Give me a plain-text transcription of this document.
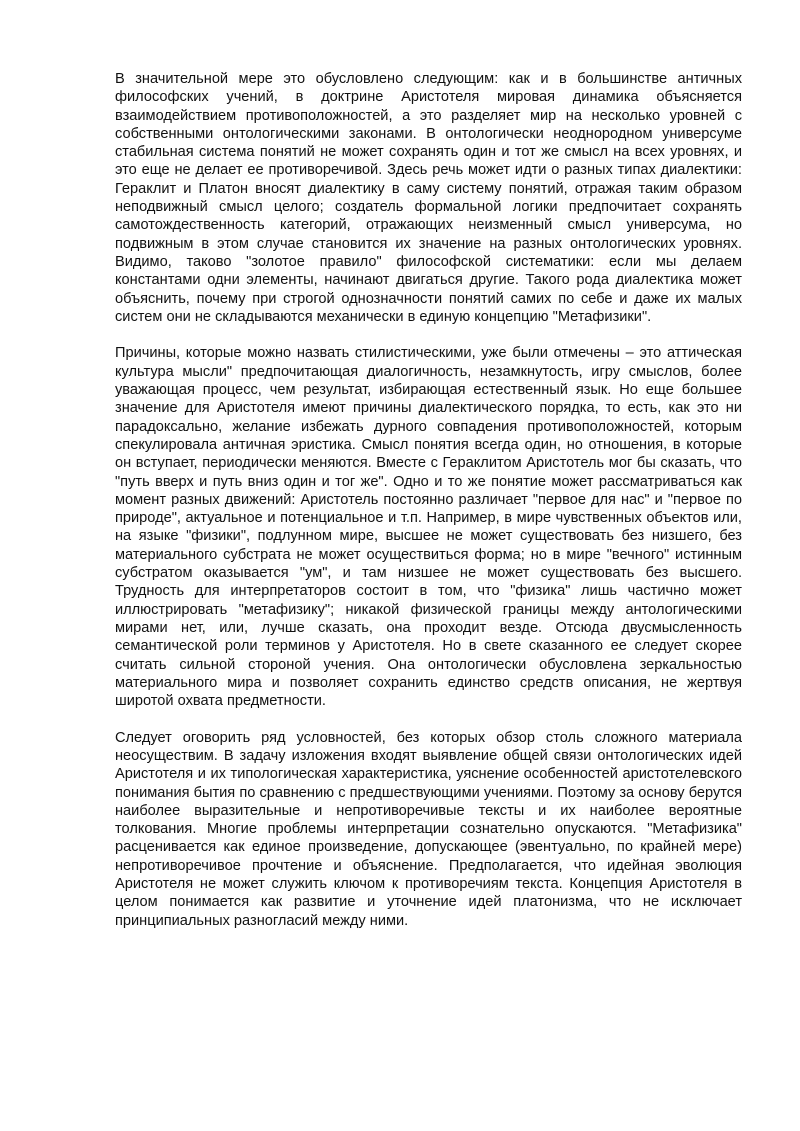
В значительной мере это обусловлено следующим: как и в большинстве античных философских учений, в доктрине Аристотеля мировая динамика объясняется взаимодействием противоположностей, а это разделяет мир на несколько уровней с собственными онтологическими законами. В онтологически неоднородном универсуме стабильная система понятий не может сохранять один и тот же смысл на всех уровнях, и это еще не делает ее противоречивой. Здесь речь может идти о разных типах диалектики: Гераклит и Платон вносят диалектику в саму систему понятий, отражая таким образом неподвижный смысл целого; создатель формальной логики предпочитает сохранять самотождественность категорий, отражающих неизменный смысл универсума, но подвижным в этом случае становится их значение на разных онтологических уровнях. Видимо, таково "золотое правило" философской систематики: если мы делаем константами одни элементы, начинают двигаться другие. Такого рода диалектика может объяснить, почему при строгой однозначности понятий самих по себе и даже их малых систем они не складываются механически в единую концепцию "Метафизики".

Причины, которые можно назвать стилистическими, уже были отмечены – это аттическая культура мысли" предпочитающая диалогичность, незамкнутость, игру смыслов, более уважающая процесс, чем результат, избирающая естественный язык. Но еще большее значение для Аристотеля имеют причины диалектического порядка, то есть, как это ни парадоксально, желание избежать дурного совпадения противоположностей, которым спекулировала античная эристика. Смысл понятия всегда один, но отношения, в которые он вступает, периодически меняются. Вместе с Гераклитом Аристотель мог бы сказать, что "путь вверх и путь вниз один и тог же". Одно и то же понятие может рассматриваться как момент разных движений: Аристотель постоянно различает "первое для нас" и "первое по природе", актуальное и потенциальное и т.п. Например, в мире чувственных объектов или, на языке "физики", подлунном мире, высшее не может существовать без низшего, без материального субстрата не может осуществиться форма; но в мире "вечного" истинным субстратом оказывается "ум", и там низшее не может существовать без высшего. Трудность для интерпретаторов состоит в том, что "физика" лишь частично может иллюстрировать "метафизику"; никакой физической границы между антологическими мирами нет, или, лучше сказать, она проходит везде. Отсюда двусмысленность семантической роли терминов у Аристотеля. Но в свете сказанного ее следует скорее считать сильной стороной учения. Она онтологически обусловлена зеркальностью материального мира и позволяет сохранить единство средств описания, не жертвуя широтой охвата предметности.

Следует оговорить ряд условностей, без которых обзор столь сложного материала неосуществим. В задачу изложения входят выявление общей связи онтологических идей Аристотеля и их типологическая характеристика, уяснение особенностей аристотелевского понимания бытия по сравнению с предшествующими учениями. Поэтому за основу берутся наиболее выразительные и непротиворечивые тексты и их наиболее вероятные толкования. Многие проблемы интерпретации сознательно опускаются. "Метафизика" расценивается как единое произведение, допускающее (эвентуально, по крайней мере) непротиворечивое прочтение и объяснение. Предполагается, что идейная эволюция Аристотеля не может служить ключом к противоречиям текста. Концепция Аристотеля в целом понимается как развитие и уточнение идей платонизма, что не исключает принципиальных разногласий между ними.
